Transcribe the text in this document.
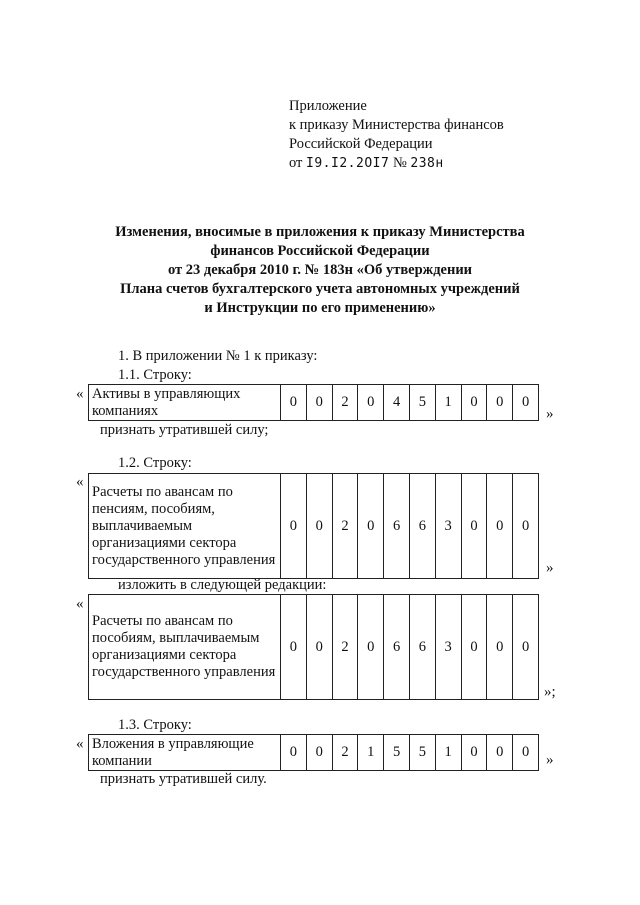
Приложение
к приказу Министерства финансов
Российской Федерации
от I9.I2.2OI7 № 238н
Изменения, вносимые в приложения к приказу Министерства
финансов Российской Федерации
от 23 декабря 2010 г. № 183н «Об утверждении
Плана счетов бухгалтерского учета автономных учреждений
и Инструкции по его применению»
1. В приложении № 1 к приказу:
1.1. Строку:
« Активы в управляющих компаниях	0	0	2	0	4	5	1	0	0	0
»
признать утратившей силу;
1.2. Строку:
«
Расчеты по авансам по пенсиям, пособиям, выплачиваемым организациями сектора государственного управления	0	0	2	0	6	6	3	0	0	0
»
изложить в следующей редакции:
«
Расчеты по авансам по пособиям, выплачиваемым организациями сектора государственного управления	0	0	2	0	6	6	3	0	0	0
»;
1.3. Строку:
« Вложения в управляющие компании	0	0	2	1	5	5	1	0	0	0 »
признать утратившей силу.
